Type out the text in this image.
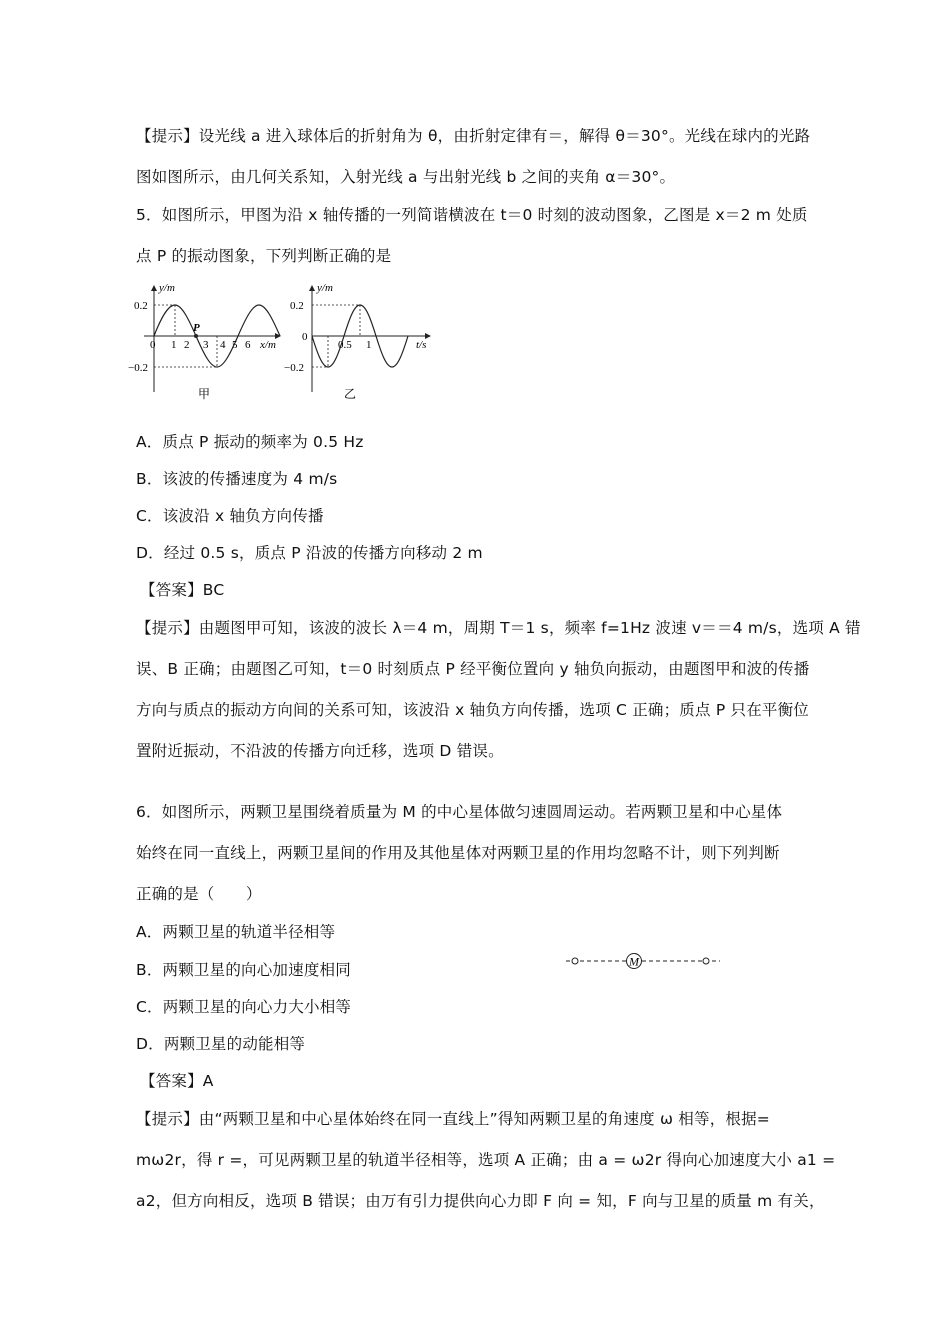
【提示】设光线 a 进入球体后的折射角为 θ，由折射定律有＝，解得 θ＝30°。光线在球内的光路
图如图所示，由几何关系知，入射光线 a 与出射光线 b 之间的夹角 α＝30°。
5．如图所示，甲图为沿 x 轴传播的一列简谐横波在 t＝0 时刻的波动图象，乙图是 x＝2 m 处质
点 P 的振动图象，下列判断正确的是
y/m
x/m
0.2
−0.2
P
0 1 2 3 4 5 6
甲
y/m
t/s
0.2
0
−0.2
0.5 1
乙
A．质点 P 振动的频率为 0.5 Hz
B．该波的传播速度为 4 m/s
C．该波沿 x 轴负方向传播
D．经过 0.5 s，质点 P 沿波的传播方向移动 2 m
【答案】BC
【提示】由题图甲可知，该波的波长 λ＝4 m，周期 T＝1 s，频率 f=1Hz 波速 v＝＝4 m/s，选项 A 错
误、B 正确；由题图乙可知，t＝0 时刻质点 P 经平衡位置向 y 轴负向振动，由题图甲和波的传播
方向与质点的振动方向间的关系可知，该波沿 x 轴负方向传播，选项 C 正确；质点 P 只在平衡位
置附近振动，不沿波的传播方向迁移，选项 D 错误。
6．如图所示，两颗卫星围绕着质量为 M 的中心星体做匀速圆周运动。若两颗卫星和中心星体
始终在同一直线上，两颗卫星间的作用及其他星体对两颗卫星的作用均忽略不计，则下列判断
正确的是（　　）
A．两颗卫星的轨道半径相等
B．两颗卫星的向心加速度相同
C．两颗卫星的向心力大小相等
D．两颗卫星的动能相等
M
【答案】A
【提示】由“两颗卫星和中心星体始终在同一直线上”得知两颗卫星的角速度 ω 相等，根据=
mω2r，得 r =，可见两颗卫星的轨道半径相等，选项 A 正确；由 a = ω2r 得向心加速度大小 a1 =
a2，但方向相反，选项 B 错误；由万有引力提供向心力即 F 向 = 知，F 向与卫星的质量 m 有关，
